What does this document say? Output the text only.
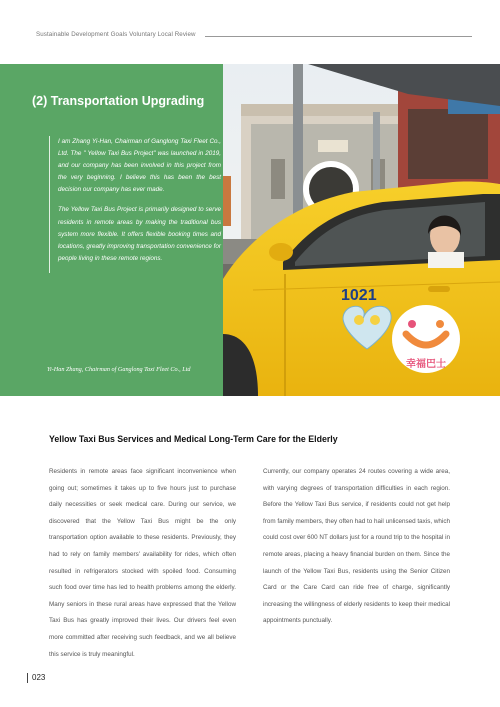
Sustainable Development Goals Voluntary Local Review
(2) Transportation Upgrading

I am Zhang Yi-Han, Chairman of Ganglong Taxi Fleet Co., Ltd. The " Yellow Taxi Bus Project" was launched in 2019, and our company has been involved in this project from the very beginning. I believe this has been the best decision our company has ever made.

The Yellow Taxi Bus Project is primarily designed to serve residents in remote areas by making the traditional bus system more flexible. It offers flexible booking times and locations, greatly improving transportation convenience for people living in these remote regions.

Yi-Han Zhang, Chairman of Ganglong Taxi Fleet Co., Ltd
1021
幸福巴士
Yellow Taxi Bus Services and Medical Long-Term Care for the Elderly

Residents in remote areas face significant inconvenience when going out; sometimes it takes up to five hours just to purchase daily necessities or seek medical care. During our service, we discovered that the Yellow Taxi Bus might be the only transportation option available to these residents. Previously, they had to rely on family members' availability for rides, which often resulted in refrigerators stocked with spoiled food. Consuming such food over time has led to health problems among the elderly. Many seniors in these rural areas have expressed that the Yellow Taxi Bus has greatly improved their lives. Our drivers feel even more committed after receiving such feedback, and we all believe this service is truly meaningful.

Currently, our company operates 24 routes covering a wide area, with varying degrees of transportation difficulties in each region. Before the Yellow Taxi Bus service, if residents could not get help from family members, they often had to hail unlicensed taxis, which could cost over 600 NT dollars just for a round trip to the hospital in remote areas, placing a heavy financial burden on them. Since the launch of the Yellow Taxi Bus, residents using the Senior Citizen Card or the Care Card can ride free of charge, significantly increasing the willingness of elderly residents to keep their medical appointments punctually.

023
